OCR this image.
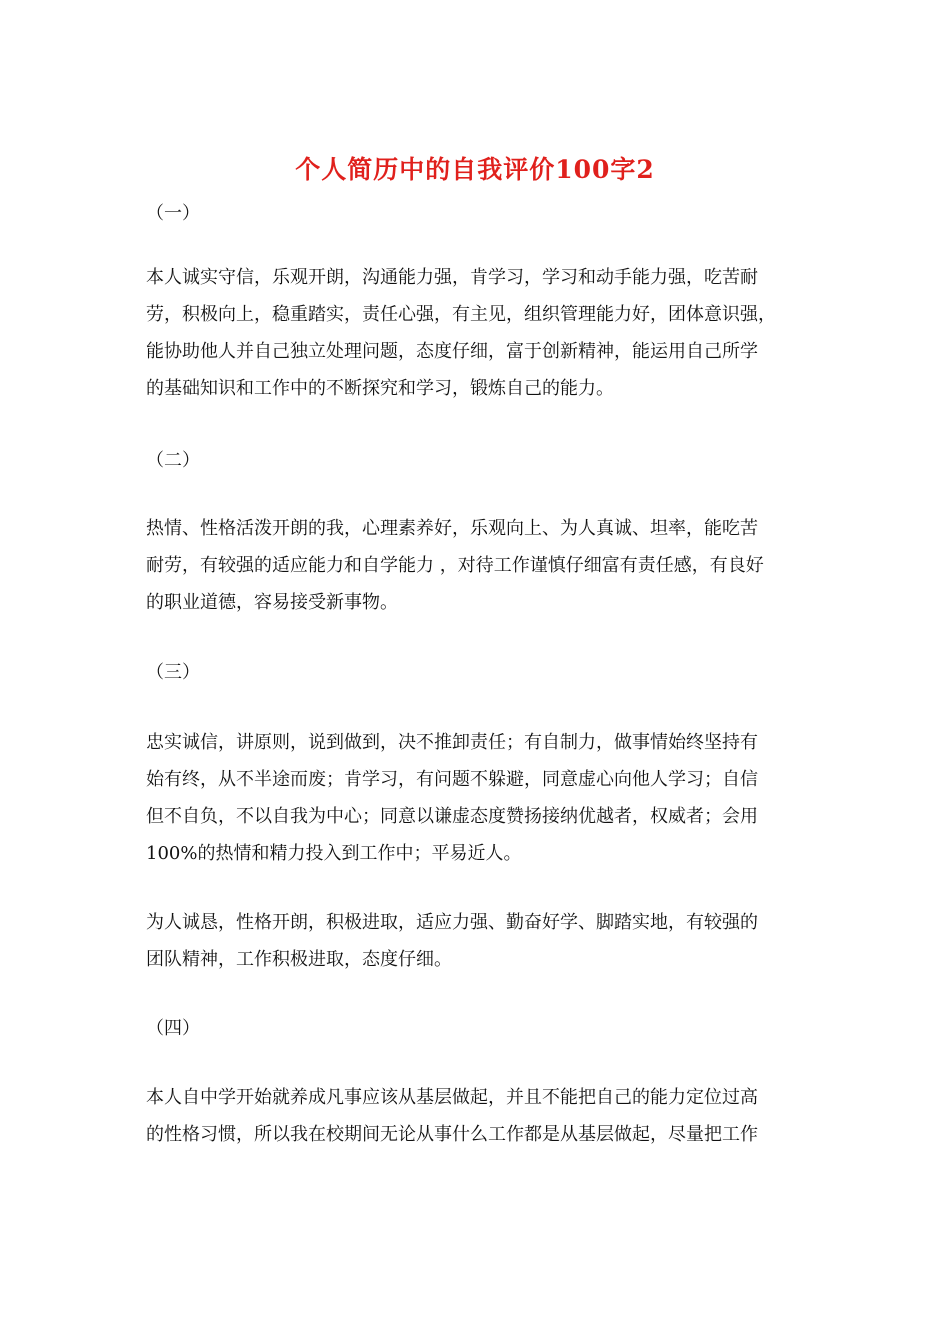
个人简历中的自我评价100字2
（一）
本人诚实守信，乐观开朗，沟通能力强，肯学习，学习和动手能力强，吃苦耐
劳，积极向上，稳重踏实，责任心强，有主见，组织管理能力好，团体意识强，
能协助他人并自己独立处理问题，态度仔细，富于创新精神，能运用自己所学
的基础知识和工作中的不断探究和学习，锻炼自己的能力。
（二）
热情、性格活泼开朗的我，心理素养好，乐观向上、为人真诚、坦率，能吃苦
耐劳，有较强的适应能力和自学能力 ，对待工作谨慎仔细富有责任感，有良好
的职业道德，容易接受新事物。
（三）
忠实诚信，讲原则，说到做到，决不推卸责任；有自制力，做事情始终坚持有
始有终，从不半途而废；肯学习，有问题不躲避，同意虚心向他人学习；自信
但不自负，不以自我为中心；同意以谦虚态度赞扬接纳优越者，权威者；会用
100%的热情和精力投入到工作中；平易近人。
为人诚恳，性格开朗，积极进取，适应力强、勤奋好学、脚踏实地，有较强的
团队精神，工作积极进取，态度仔细。
（四）
本人自中学开始就养成凡事应该从基层做起，并且不能把自己的能力定位过高
的性格习惯，所以我在校期间无论从事什么工作都是从基层做起，尽量把工作
